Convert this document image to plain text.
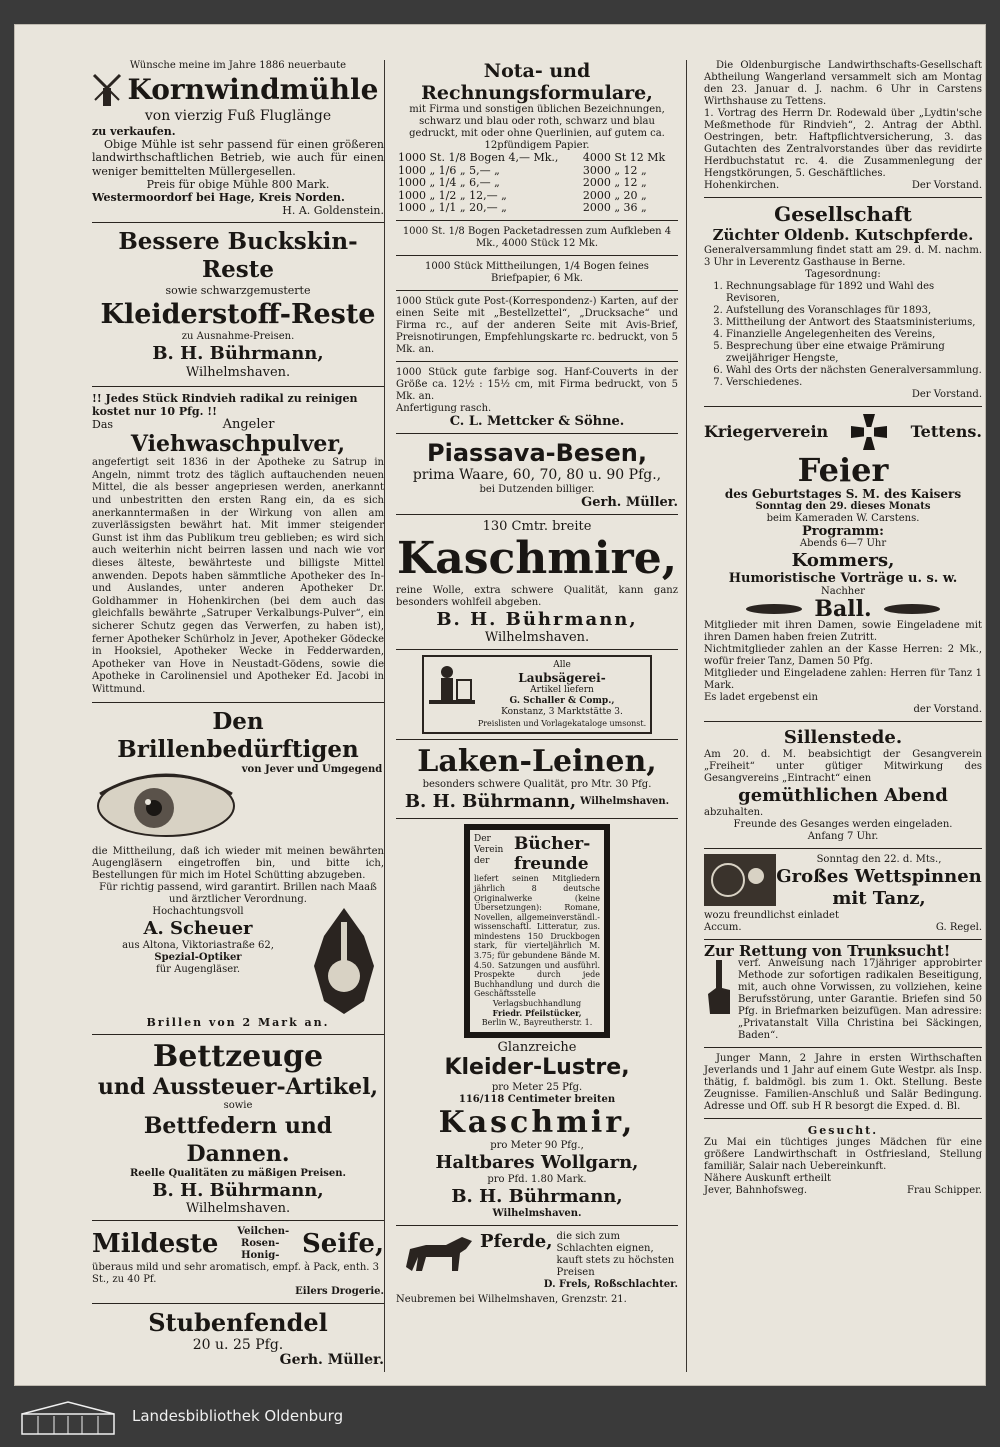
Wünsche meine im Jahre 1886 neuerbaute
Kornwindmühle
von vierzig Fuß Fluglänge
zu verkaufen.
Obige Mühle ist sehr passend für einen größeren landwirthschaftlichen Betrieb, wie auch für einen weniger bemittelten Müllergesellen.
Preis für obige Mühle 800 Mark.
Westermoordorf bei Hage, Kreis Norden.
H. A. Goldenstein.
Bessere Buckskin-Reste
sowie schwarzgemusterte
Kleiderstoff-Reste
zu Ausnahme-Preisen.
B. H. Bührmann,
Wilhelmshaven.
!! Jedes Stück Rindvieh radikal zu reinigen kostet nur 10 Pfg. !!
Das	Angeler
Viehwaschpulver,
angefertigt seit 1836 in der Apotheke zu Satrup in Angeln, nimmt trotz des täglich auftauchenden neuen Mittel, die als besser angepriesen werden, anerkannt und unbestritten den ersten Rang ein, da es sich anerkanntermaßen in der Wirkung von allen am zuverlässigsten bewährt hat. Mit immer steigender Gunst ist ihm das Publikum treu geblieben; es wird sich auch weiterhin nicht beirren lassen und nach wie vor dieses älteste, bewährteste und billigste Mittel anwenden. Depots haben sämmtliche Apotheker des In- und Auslandes, unter anderen Apotheker Dr. Goldhammer in Hohenkirchen (bei dem auch das gleichfalls bewährte „Satruper Verkalbungs-Pulver“, ein sicherer Schutz gegen das Verwerfen, zu haben ist), ferner Apotheker Schürholz in Jever, Apotheker Gödecke in Hooksiel, Apotheker Wecke in Fedderwarden, Apotheker van Hove in Neustadt-Gödens, sowie die Apotheke in Carolinensiel und Apotheker Ed. Jacobi in Wittmund.
Den Brillenbedürftigen
von Jever und Umgegend
die Mittheilung, daß ich wieder mit meinen bewährten Augengläsern eingetroffen bin, und bitte ich, Bestellungen für mich im Hotel Schütting abzugeben.
Für richtig passend, wird garantirt. Brillen nach Maaß und ärztlicher Verordnung.
Hochachtungsvoll
A. Scheuer
aus Altona, Viktoriastraße 62,
Spezial-Optiker
für Augengläser.
Brillen von 2 Mark an.
Bettzeuge
und Aussteuer-Artikel,
sowie
Bettfedern und Dannen.
Reelle Qualitäten zu mäßigen Preisen.
B. H. Bührmann,
Wilhelmshaven.
Mildeste Veilchen- Rosen- Honig- Seife,
überaus mild und sehr aromatisch, empf. à Pack, enth. 3 St., zu 40 Pf.
Eilers Drogerie.
Stubenfendel
20 u. 25 Pfg.
Gerh. Müller.
Nota- und Rechnungsformulare,
mit Firma und sonstigen üblichen Bezeichnungen, schwarz und blau oder roth, schwarz und blau gedruckt, mit oder ohne Querlinien, auf gutem ca. 12pfündigem Papier.
1000 St. 1/8 Bogen 4,— Mk.,	4000 St 12 Mk
1000 „ 1/6 „ 5,— „	3000 „ 12 „
1000 „ 1/4 „ 6,— „	2000 „ 12 „
1000 „ 1/2 „ 12,— „	2000 „ 20 „
1000 „ 1/1 „ 20,— „	2000 „ 36 „
1000 St. 1/8 Bogen Packetadressen zum Aufkleben 4 Mk., 4000 Stück 12 Mk.
1000 Stück Mittheilungen, 1/4 Bogen feines Briefpapier, 6 Mk.
1000 Stück gute Post-(Korrespondenz-) Karten, auf der einen Seite mit „Bestellzettel“, „Drucksache“ und Firma rc., auf der anderen Seite mit Avis-Brief, Preisnotirungen, Empfehlungskarte rc. bedruckt, von 5 Mk. an.
1000 Stück gute farbige sog. Hanf-Couverts in der Größe ca. 12½ : 15½ cm, mit Firma bedruckt, von 5 Mk. an.
Anfertigung rasch.
C. L. Mettcker & Söhne.
Piassava-Besen,
prima Waare, 60, 70, 80 u. 90 Pfg.,
bei Dutzenden billiger.
Gerh. Müller.
130 Cmtr. breite
Kaschmire,
reine Wolle, extra schwere Qualität, kann ganz besonders wohlfeil abgeben.
B. H. Bührmann,
Wilhelmshaven.
Alle
Laubsägerei-
Artikel liefern
G. Schaller & Comp.,
Konstanz, 3 Marktstätte 3.
Preislisten und Vorlagekataloge umsonst.
Laken-Leinen,
besonders schwere Qualität, pro Mtr. 30 Pfg.
B. H. Bührmann, Wilhelmshaven.
Der
Verein
der
Bücher-
freunde
liefert seinen Mitgliedern jährlich 8 deutsche Originalwerke (keine Übersetzungen): Romane, Novellen, allgemeinverständl.-wissenschaftl. Litteratur, zus. mindestens 150 Druckbogen stark, für vierteljährlich M. 3.75; für gebundene Bände M. 4.50. Satzungen und ausführl. Prospekte durch jede Buchhandlung und durch die Geschäftsstelle
Verlagsbuchhandlung
Friedr. Pfeilstücker,
Berlin W., Bayreutherstr. 1.
Glanzreiche
Kleider-Lustre,
pro Meter 25 Pfg.
116/118 Centimeter breiten
Kaschmir,
pro Meter 90 Pfg.,
Haltbares Wollgarn,
pro Pfd. 1.80 Mark.
B. H. Bührmann,
Wilhelmshaven.
Pferde, die sich zum Schlachten eignen, kauft stets zu höchsten Preisen
D. Frels, Roßschlachter.
Neubremen bei Wilhelmshaven, Grenzstr. 21.
Die Oldenburgische Landwirthschafts-Gesellschaft Abtheilung Wangerland versammelt sich am Montag den 23. Januar d. J. nachm. 6 Uhr in Carstens Wirthshause zu Tettens.
1. Vortrag des Herrn Dr. Rodewald über „Lydtin'sche Meßmethode für Rindvieh“, 2. Antrag der Abthl. Oestringen, betr. Haftpflichtversicherung, 3. das Gutachten des Zentralvorstandes über das revidirte Herdbuchstatut rc. 4. die Zusammenlegung der Hengstkörungen, 5. Geschäftliches.
Hohenkirchen.	Der Vorstand.
Gesellschaft
Züchter Oldenb. Kutschpferde.
Generalversammlung findet statt am 29. d. M. nachm. 3 Uhr in Leverentz Gasthause in Berne.
Tagesordnung:
1. Rechnungsablage für 1892 und Wahl des Revisoren,
2. Aufstellung des Voranschlages für 1893,
3. Mittheilung der Antwort des Staatsministeriums,
4. Finanzielle Angelegenheiten des Vereins,
5. Besprechung über eine etwaige Prämirung zweijähriger Hengste,
6. Wahl des Orts der nächsten Generalversammlung.
7. Verschiedenes.
Der Vorstand.
Kriegerverein	Tettens.
Feier
des Geburtstages S. M. des Kaisers
Sonntag den 29. dieses Monats
beim Kameraden W. Carstens.
Programm:
Abends 6—7 Uhr
Kommers,
Humoristische Vorträge u. s. w.
Nachher
Ball.
Mitglieder mit ihren Damen, sowie Eingeladene mit ihren Damen haben freien Zutritt.
Nichtmitglieder zahlen an der Kasse Herren: 2 Mk., wofür freier Tanz, Damen 50 Pfg.
Mitglieder und Eingeladene zahlen: Herren für Tanz 1 Mark.
Es ladet ergebenst ein
der Vorstand.
Sillenstede.
Am 20. d. M. beabsichtigt der Gesangverein „Freiheit“ unter gütiger Mitwirkung des Gesangvereins „Eintracht“ einen
gemüthlichen Abend
abzuhalten.
Freunde des Gesanges werden eingeladen.
Anfang 7 Uhr.
Sonntag den 22. d. Mts.,
Großes Wettspinnen
mit Tanz,
wozu freundlichst einladet
Accum.	G. Regel.
Zur Rettung von Trunksucht!
verf. Anweisung nach 17jähriger approbirter Methode zur sofortigen radikalen Beseitigung, mit, auch ohne Vorwissen, zu vollziehen, keine Berufsstörung, unter Garantie. Briefen sind 50 Pfg. in Briefmarken beizufügen. Man adressire: „Privatanstalt Villa Christina bei Säckingen, Baden“.
Junger Mann, 2 Jahre in ersten Wirthschaften Jeverlands und 1 Jahr auf einem Gute Westpr. als Insp. thätig, f. baldmögl. bis zum 1. Okt. Stellung. Beste Zeugnisse. Familien-Anschluß und Salär Bedingung. Adresse und Off. sub H R besorgt die Exped. d. Bl.
Gesucht.
Zu Mai ein tüchtiges junges Mädchen für eine größere Landwirthschaft in Ostfriesland, Stellung familiär, Salair nach Uebereinkunft.
Nähere Auskunft ertheilt
Jever, Bahnhofsweg.	Frau Schipper.
Landesbibliothek Oldenburg
